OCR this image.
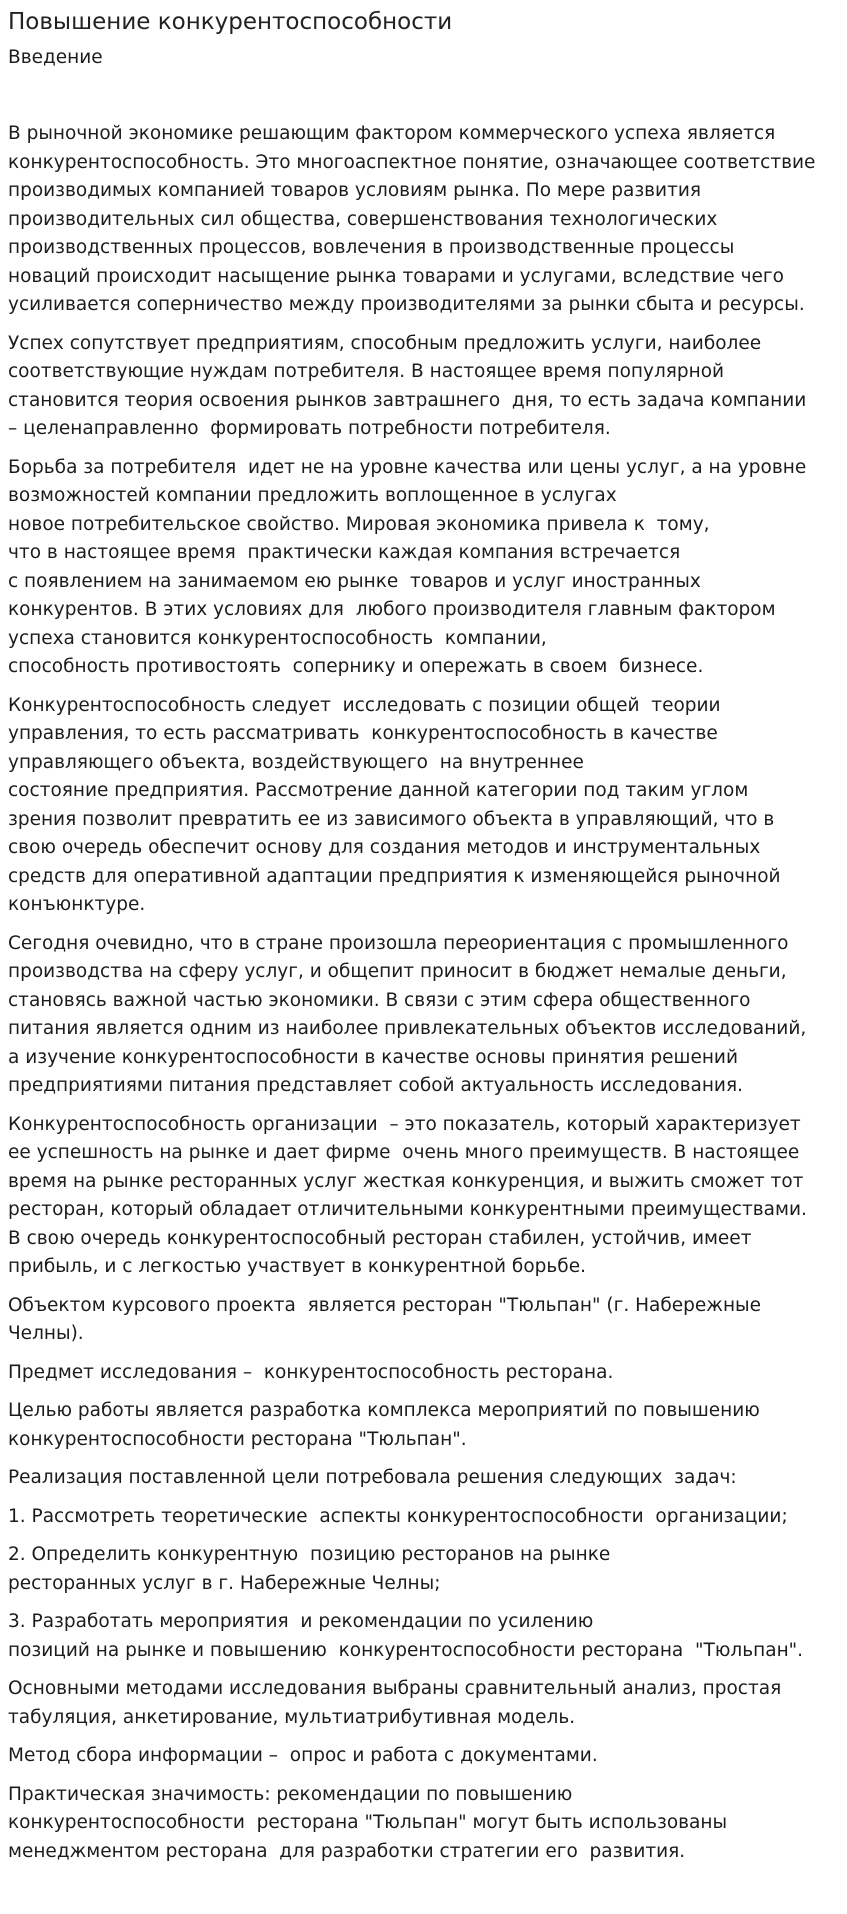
Повышение конкурентоспособности
Введение

В рыночной экономике решающим фактором коммерческого успеха является
конкурентоспособность. Это многоаспектное понятие, означающее соответствие
производимых компанией товаров условиям рынка. По мере развития
производительных сил общества, совершенствования технологических
производственных процессов, вовлечения в производственные процессы
новаций происходит насыщение рынка товарами и услугами, вследствие чего
усиливается соперничество между производителями за рынки сбыта и ресурсы.

Успех сопутствует предприятиям, способным предложить услуги, наиболее
соответствующие нуждам потребителя. В настоящее время популярной
становится теория освоения рынков завтрашнего  дня, то есть задача компании
– целенаправленно  формировать потребности потребителя.

Борьба за потребителя  идет не на уровне качества или цены услуг, а на уровне
возможностей компании предложить воплощенное в услугах
новое потребительское свойство. Мировая экономика привела к  тому,
что в настоящее время  практически каждая компания встречается
с появлением на занимаемом ею рынке  товаров и услуг иностранных
конкурентов. В этих условиях для  любого производителя главным фактором
успеха становится конкурентоспособность  компании,
способность противостоять  сопернику и опережать в своем  бизнесе.

Конкурентоспособность следует  исследовать с позиции общей  теории
управления, то есть рассматривать  конкурентоспособность в качестве
управляющего объекта, воздействующего  на внутреннее
состояние предприятия. Рассмотрение данной категории под таким углом
зрения позволит превратить ее из зависимого объекта в управляющий, что в
свою очередь обеспечит основу для создания методов и инструментальных
средств для оперативной адаптации предприятия к изменяющейся рыночной
конъюнктуре.

Сегодня очевидно, что в стране произошла переориентация с промышленного
производства на сферу услуг, и общепит приносит в бюджет немалые деньги,
становясь важной частью экономики. В связи с этим сфера общественного
питания является одним из наиболее привлекательных объектов исследований,
а изучение конкурентоспособности в качестве основы принятия решений
предприятиями питания представляет собой актуальность исследования.

Конкурентоспособность организации  – это показатель, который характеризует
ее успешность на рынке и дает фирме  очень много преимуществ. В настоящее
время на рынке ресторанных услуг жесткая конкуренция, и выжить сможет тот
ресторан, который обладает отличительными конкурентными преимуществами.
В свою очередь конкурентоспособный ресторан стабилен, устойчив, имеет
прибыль, и с легкостью участвует в конкурентной борьбе.

Объектом курсового проекта  является ресторан "Тюльпан" (г. Набережные
Челны).

Предмет исследования –  конкурентоспособность ресторана.

Целью работы является разработка комплекса мероприятий по повышению
конкурентоспособности ресторана "Тюльпан".

Реализация поставленной цели потребовала решения следующих  задач:

1. Рассмотреть теоретические  аспекты конкурентоспособности  организации;

2. Определить конкурентную  позицию ресторанов на рынке
ресторанных услуг в г. Набережные Челны;

3. Разработать мероприятия  и рекомендации по усилению
позиций на рынке и повышению  конкурентоспособности ресторана  "Тюльпан".

Основными методами исследования выбраны сравнительный анализ, простая
табуляция, анкетирование, мультиатрибутивная модель.

Метод сбора информации –  опрос и работа с документами.

Практическая значимость: рекомендации по повышению
конкурентоспособности  ресторана "Тюльпан" могут быть использованы
менеджментом ресторана  для разработки стратегии его  развития.
